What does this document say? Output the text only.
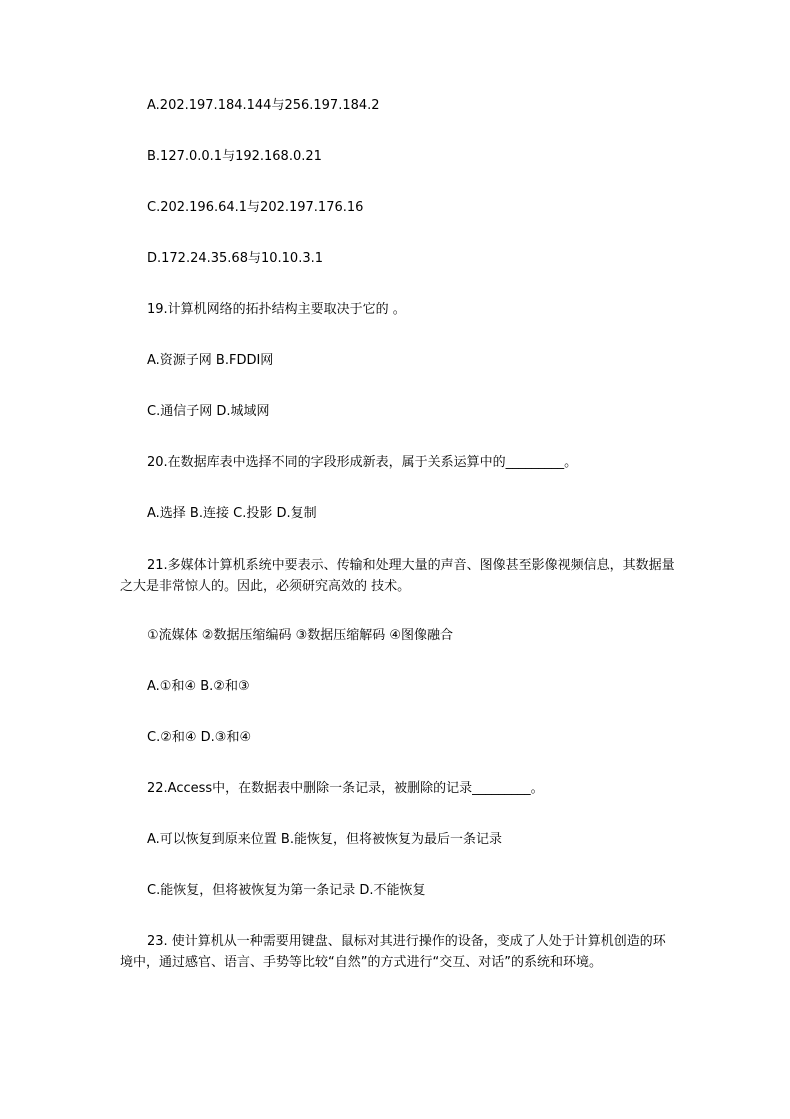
A.202.197.184.144与256.197.184.2
B.127.0.0.1与192.168.0.21
C.202.196.64.1与202.197.176.16
D.172.24.35.68与10.10.3.1
19.计算机网络的拓扑结构主要取决于它的 。
A.资源子网 B.FDDI网
C.通信子网 D.城域网
20.在数据库表中选择不同的字段形成新表，属于关系运算中的_________。
A.选择 B.连接 C.投影 D.复制
21.多媒体计算机系统中要表示、传输和处理大量的声音、图像甚至影像视频信息，其数据量之大是非常惊人的。因此，必须研究高效的 技术。
①流媒体 ②数据压缩编码 ③数据压缩解码 ④图像融合
A.①和④ B.②和③
C.②和④ D.③和④
22.Access中，在数据表中删除一条记录，被删除的记录_________。
A.可以恢复到原来位置 B.能恢复，但将被恢复为最后一条记录
C.能恢复，但将被恢复为第一条记录 D.不能恢复
23. 使计算机从一种需要用键盘、鼠标对其进行操作的设备，变成了人处于计算机创造的环境中，通过感官、语言、手势等比较“自然”的方式进行“交互、对话”的系统和环境。
